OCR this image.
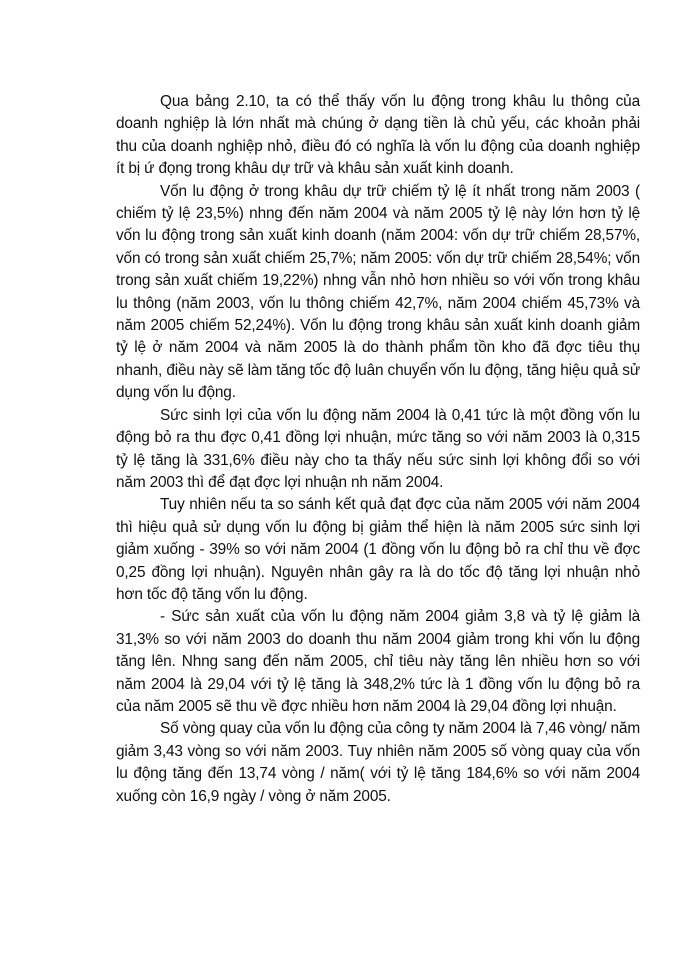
Qua bảng 2.10, ta có thể thấy vốn lu động trong khâu lu thông của doanh nghiệp là lớn nhất mà chúng ở dạng tiền là chủ yếu, các khoản phải thu của doanh nghiệp nhỏ, điều đó có nghĩa là vốn lu động của doanh nghiệp ít bị ứ đọng trong khâu dự trữ và khâu sản xuất kinh doanh.

Vốn lu động ở trong khâu dự trữ chiếm tỷ lệ ít nhất trong năm 2003 ( chiếm tỷ lệ 23,5%) nhng đến năm 2004 và năm 2005 tỷ lệ này lớn hơn tỷ lệ vốn lu động trong sản xuất kinh doanh (năm 2004: vốn dự trữ chiếm 28,57%, vốn có trong sản xuất chiếm 25,7%; năm 2005: vốn dự trữ chiếm 28,54%; vốn trong sản xuất chiếm 19,22%) nhng vẫn nhỏ hơn nhiều so với vốn trong khâu lu thông (năm 2003, vốn lu thông chiếm 42,7%, năm 2004 chiếm 45,73% và năm 2005 chiếm 52,24%). Vốn lu động trong khâu sản xuất kinh doanh giảm tỷ lệ ở năm 2004 và năm 2005 là do thành phẩm tồn kho đã đợc tiêu thụ nhanh, điều này sẽ làm tăng tốc độ luân chuyển vốn lu động, tăng hiệu quả sử dụng vốn lu động.

Sức sinh lợi của vốn lu động năm 2004 là 0,41 tức là một đồng vốn lu động bỏ ra thu đợc 0,41 đồng lợi nhuận, mức tăng so với năm 2003 là 0,315 tỷ lệ tăng là 331,6% điều này cho ta thấy nếu sức sinh lợi không đổi so với năm 2003 thì để đạt đợc lợi nhuận nh năm 2004.

Tuy nhiên nếu ta so sánh kết quả đạt đợc của năm 2005 với năm 2004 thì hiệu quả sử dụng vốn lu động bị giảm thể hiện là năm 2005 sức sinh lợi giảm xuống - 39% so với năm 2004 (1 đồng vốn lu động bỏ ra chỉ thu về đợc 0,25 đồng lợi nhuận). Nguyên nhân gây ra là do tốc độ tăng lợi nhuận nhỏ hơn tốc độ tăng vốn lu động.

- Sức sản xuất của vốn lu động năm 2004 giảm 3,8 và tỷ lệ giảm là 31,3% so với năm 2003 do doanh thu năm 2004 giảm trong khi vốn lu động tăng lên. Nhng sang đến năm 2005, chỉ tiêu này tăng lên nhiều hơn so với năm 2004 là 29,04 với tỷ lệ tăng là 348,2% tức là 1 đồng vốn lu động bỏ ra của năm 2005 sẽ thu về đợc nhiều hơn năm 2004 là 29,04 đồng lợi nhuận.

Số vòng quay của vốn lu động của công ty năm 2004 là 7,46 vòng/ năm giảm 3,43 vòng so với năm 2003. Tuy nhiên năm 2005 số vòng quay của vốn lu động tăng đến 13,74 vòng / năm( với tỷ lệ tăng 184,6% so với năm 2004 xuống còn 16,9 ngày / vòng ở năm 2005.
